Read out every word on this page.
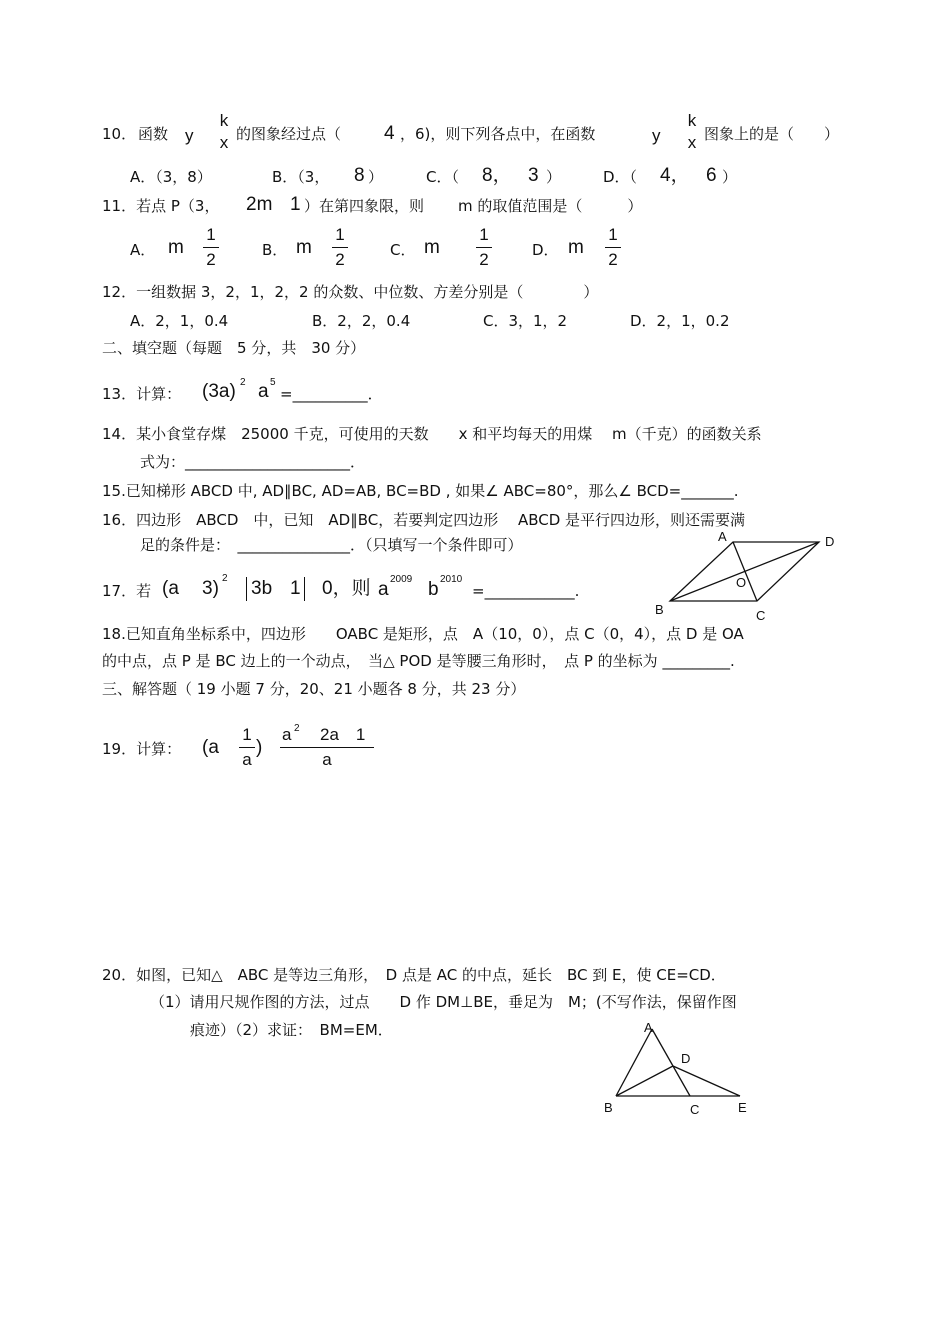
10． 函数 y
k
x 的图象经过点（ 4 ，6)，则下列各点中，在函数	y
k
x 图象上的是（　　）
A．（3，8）	B．（3， 8 ）	C．（ 8， 3 ）	D．（ 4， 6 ）
11．若点 P（3， 2m 1 ）在第四象限，则 m 的取值范围是（　　　）
A． m
1
2	B． m
1
2	C． m
1
2	D． m
1
2
12．一组数据 3，2，1，2，2 的众数、中位数、方差分别是（　　　　）
A．2，1，0.4	B．2，2，0.4	C．3，1，2	D．2，1，0.2
二、填空题（每题　5 分，共　30 分）
13．计算： (3a) 2 a 5
=__________．
14．某小食堂存煤　25000 千克，可使用的天数　　x 和平均每天的用煤　 m（千克）的函数关系
式为：______________________．
15.已知梯形 ABCD 中, AD∥BC, AD=AB, BC=BD , 如果∠ ABC=80°，那么∠ BCD=_______.
16．四边形　ABCD　中，已知　AD∥BC，若要判定四边形　 ABCD 是平行四边形，则还需要满
足的条件是：　_______________．（只填写一个条件即可）	A	D
O
B	C
17．若 (a 3) 2 3b 1 0，则 a 2009 b 2010
=____________.
18.已知直角坐标系中，四边形　　OABC 是矩形，点　A（10，0），点 C（0，4），点 D 是 OA
的中点，点 P 是 BC 边上的一个动点，　当△ POD 是等腰三角形时，　点 P 的坐标为 _________.
三、解答题（ 19 小题 7 分，20、21 小题各 8 分，共 23 分）
19．计算： (a
1
a
)
a 2 2a　1
a
20．如图，已知△　ABC 是等边三角形，　D 点是 AC 的中点，延长　BC 到 E，使 CE=CD．
（1）请用尺规作图的方法，过点　　D 作 DM⊥BE，垂足为　M；(不写作法，保留作图
痕迹）（2）求证：　BM=EM．	A
D
B	C	E
